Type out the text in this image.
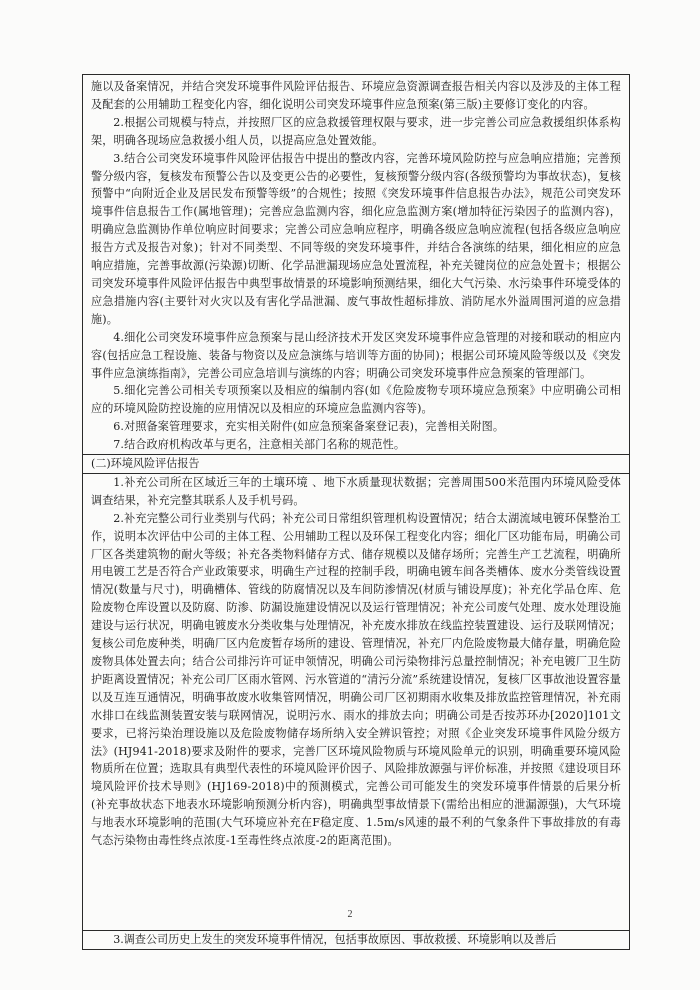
施以及备案情况，并结合突发环境事件风险评估报告、环境应急资源调查报告相关内容以及涉及的主体工程及配套的公用辅助工程变化内容，细化说明公司突发环境事件应急预案(第三版)主要修订变化的内容。

2.根据公司规模与特点，并按照厂区的应急救援管理权限与要求，进一步完善公司应急救援组织体系构架，明确各现场应急救援小组人员，以提高应急处置效能。

3.结合公司突发环境事件风险评估报告中提出的整改内容，完善环境风险防控与应急响应措施；完善预警分级内容，复核发布预警公告以及变更公告的必要性，复核预警分级内容(各级预警均为事故状态)，复核预警中“向附近企业及居民发布预警等级”的合规性；按照《突发环境事件信息报告办法》，规范公司突发环境事件信息报告工作(属地管理)；完善应急监测内容，细化应急监测方案(增加特征污染因子的监测内容)，明确应急监测协作单位响应时间要求；完善公司应急响应程序，明确各级应急响应流程(包括各级应急响应报告方式及报告对象)；针对不同类型、不同等级的突发环境事件，并结合各演练的结果，细化相应的应急响应措施，完善事故源(污染源)切断、化学品泄漏现场应急处置流程，补充关键岗位的应急处置卡；根据公司突发环境事件风险评估报告中典型事故情景的环境影响预测结果，细化大气污染、水污染事件环境受体的应急措施内容(主要针对火灾以及有害化学品泄漏、废气事故性超标排放、消防尾水外溢周围河道的应急措施)。

4.细化公司突发环境事件应急预案与昆山经济技术开发区突发环境事件应急管理的对接和联动的相应内容(包括应急工程设施、装备与物资以及应急演练与培训等方面的协同)；根据公司环境风险等级以及《突发事件应急演练指南》，完善公司应急培训与演练的内容；明确公司突发环境事件应急预案的管理部门。

5.细化完善公司相关专项预案以及相应的编制内容(如《危险废物专项环境应急预案》中应明确公司相应的环境风险防控设施的应用情况以及相应的环境应急监测内容等)。

6.对照备案管理要求，充实相关附件(如应急预案备案登记表)，完善相关附图。

7.结合政府机构改革与更名，注意相关部门名称的规范性。

(二)环境风险评估报告

1.补充公司所在区域近三年的土壤环境 、地下水质量现状数据；完善周围500米范围内环境风险受体调查结果，补充完整其联系人及手机号码。

2.补充完整公司行业类别与代码；补充公司日常组织管理机构设置情况；结合太湖流域电镀环保整治工作，说明本次评估中公司的主体工程、公用辅助工程以及环保工程变化内容；细化厂区功能布局，明确公司厂区各类建筑物的耐火等级；补充各类物料储存方式、储存规模以及储存场所；完善生产工艺流程，明确所用电镀工艺是否符合产业政策要求，明确生产过程的控制手段，明确电镀车间各类槽体、废水分类管线设置情况(数量与尺寸)，明确槽体、管线的防腐情况以及车间防渗情况(材质与铺设厚度)；补充化学品仓库、危险废物仓库设置以及防腐、防渗、防漏设施建设情况以及运行管理情况；补充公司废气处理、废水处理设施建设与运行状况，明确电镀废水分类收集与处理情况，补充废水排放在线监控装置建设、运行及联网情况；复核公司危废种类，明确厂区内危废暂存场所的建设、管理情况，补充厂内危险废物最大储存量，明确危险废物具体处置去向；结合公司排污许可证申领情况，明确公司污染物排污总量控制情况；补充电镀厂卫生防护距离设置情况；补充公司厂区雨水管网、污水管道的“清污分流”系统建设情况，复核厂区事故池设置容量以及互连互通情况，明确事故废水收集管网情况，明确公司厂区初期雨水收集及排放监控管理情况，补充雨水排口在线监测装置安装与联网情况，说明污水、雨水的排放去向；明确公司是否按苏环办[2020]101文要求，已将污染治理设施以及危险废物储存场所纳入安全辨识管控；对照《企业突发环境事件风险分级方法》(HJ941-2018)要求及附件的要求，完善厂区环境风险物质与环境风险单元的识别，明确重要环境风险物质所在位置；选取具有典型代表性的环境风险评价因子、风险排放源强与评价标准，并按照《建设项目环境风险评价技术导则》(HJ169-2018)中的预测模式，完善公司可能发生的突发环境事件情景的后果分析(补充事故状态下地表水环境影响预测分析内容)，明确典型事故情景下(需给出相应的泄漏源强)，大气环境与地表水环境影响的范围(大气环境应补充在F稳定度、1.5m/s风速的最不利的气象条件下事故排放的有毒气态污染物由毒性终点浓度-1至毒性终点浓度-2的距离范围)。

3.调查公司历史上发生的突发环境事件情况，包括事故原因、事故救援、环境影响以及善后
2
